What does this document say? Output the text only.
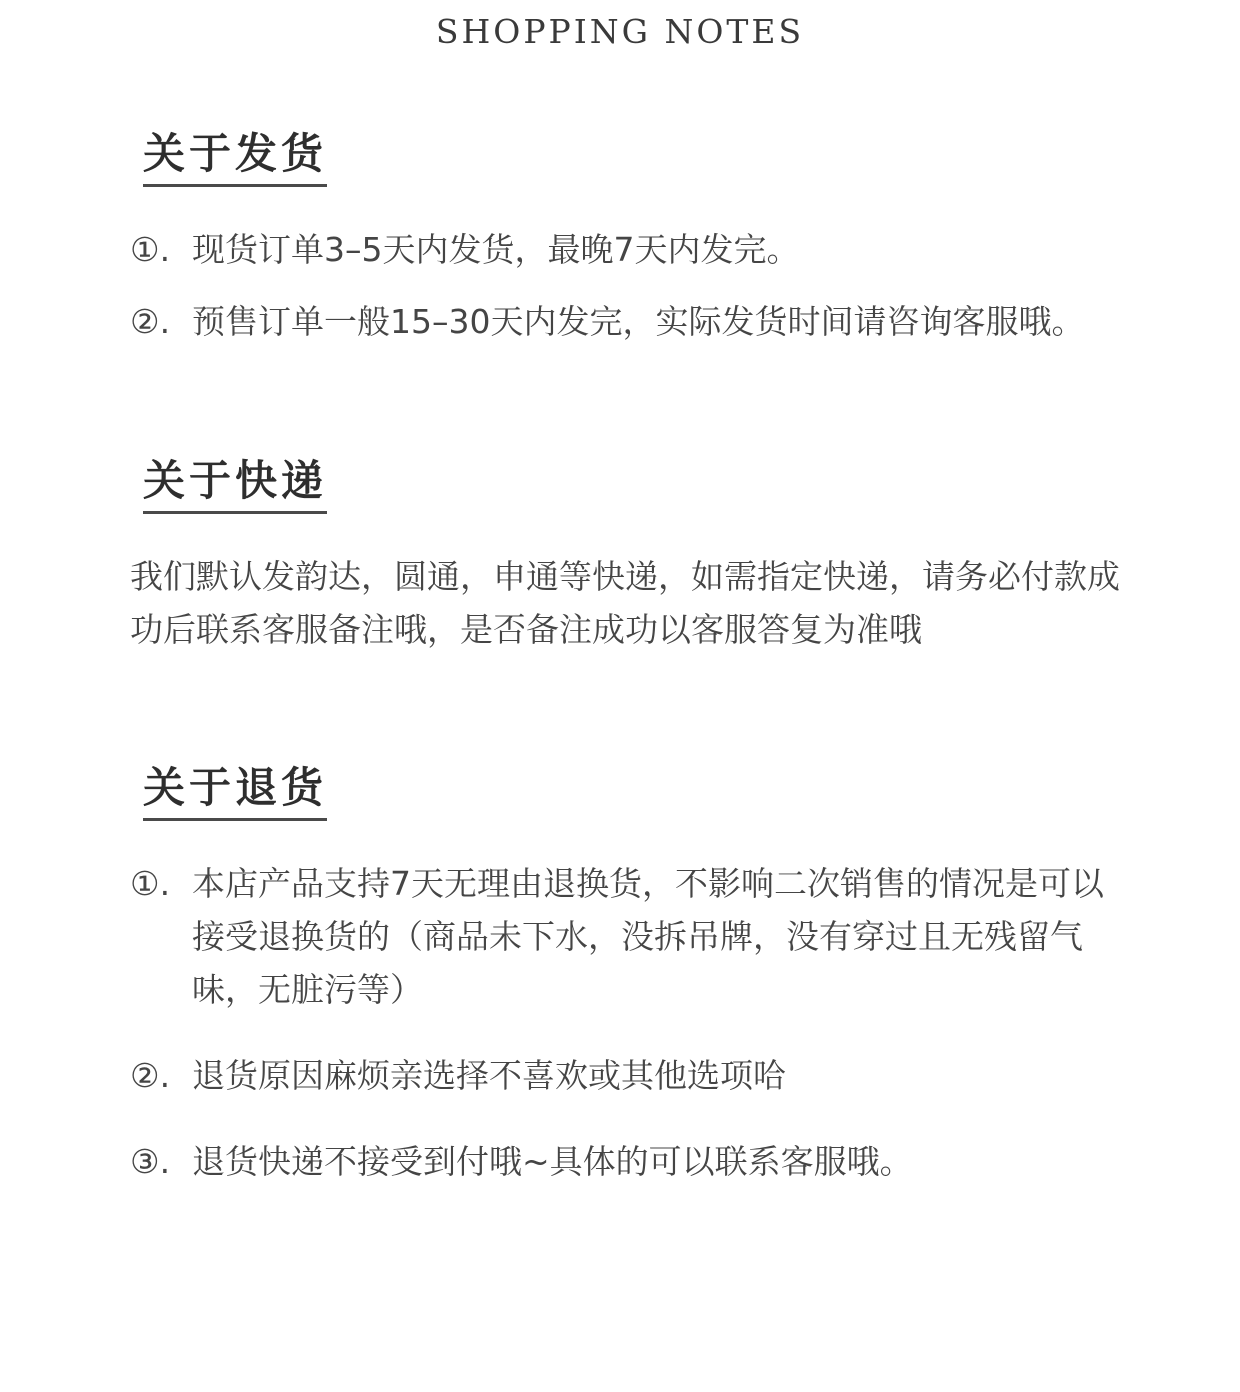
SHOPPING NOTES
关于发货
①. 现货订单3–5天内发货，最晚7天内发完。
②. 预售订单一般15–30天内发完，实际发货时间请咨询客服哦。
关于快递
我们默认发韵达，圆通，申通等快递，如需指定快递，请务必付款成功后联系客服备注哦，是否备注成功以客服答复为准哦
关于退货
①. 本店产品支持7天无理由退换货，不影响二次销售的情况是可以接受退换货的（商品未下水，没拆吊牌，没有穿过且无残留气味，无脏污等）
②. 退货原因麻烦亲选择不喜欢或其他选项哈
③. 退货快递不接受到付哦~具体的可以联系客服哦。
